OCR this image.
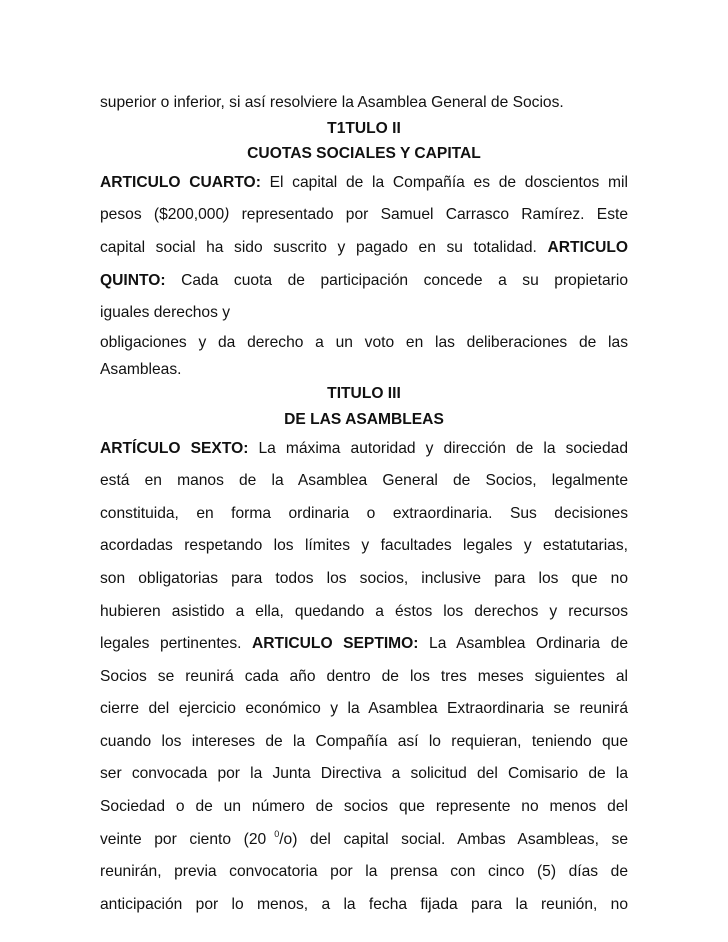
superior o inferior, si así resolviere la Asamblea General de Socios.
T1TULO II
CUOTAS SOCIALES Y CAPITAL
ARTICULO CUARTO: El capital de la Compañía es de doscientos mil
pesos ($200,000) representado por Samuel Carrasco Ramírez. Este
capital social ha sido suscrito y pagado en su totalidad. ARTICULO
QUINTO: Cada cuota de participación concede a su propietario
iguales derechos y
obligaciones y da derecho a un voto en las deliberaciones de las
Asambleas.
TITULO III
DE LAS ASAMBLEAS
ARTÍCULO SEXTO: La máxima autoridad y dirección de la sociedad
está en manos de la Asamblea General de Socios, legalmente
constituida, en forma ordinaria o extraordinaria. Sus decisiones
acordadas respetando los límites y facultades legales y estatutarias,
son obligatorias para todos los socios, inclusive para los que no
hubieren asistido a ella, quedando a éstos los derechos y recursos
legales pertinentes. ARTICULO SEPTIMO: La Asamblea Ordinaria de
Socios se reunirá cada año dentro de los tres meses siguientes al
cierre del ejercicio económico y la Asamblea Extraordinaria se reunirá
cuando los intereses de la Compañía así lo requieran, teniendo que
ser convocada por la Junta Directiva a solicitud del Comisario de la
Sociedad o de un número de socios que represente no menos del
veinte por ciento (20 $^0$/o) del capital social. Ambas Asambleas, se
reunirán, previa convocatoria por la prensa con cinco (5) días de
anticipación por lo menos, a la fecha fijada para la reunión, no
